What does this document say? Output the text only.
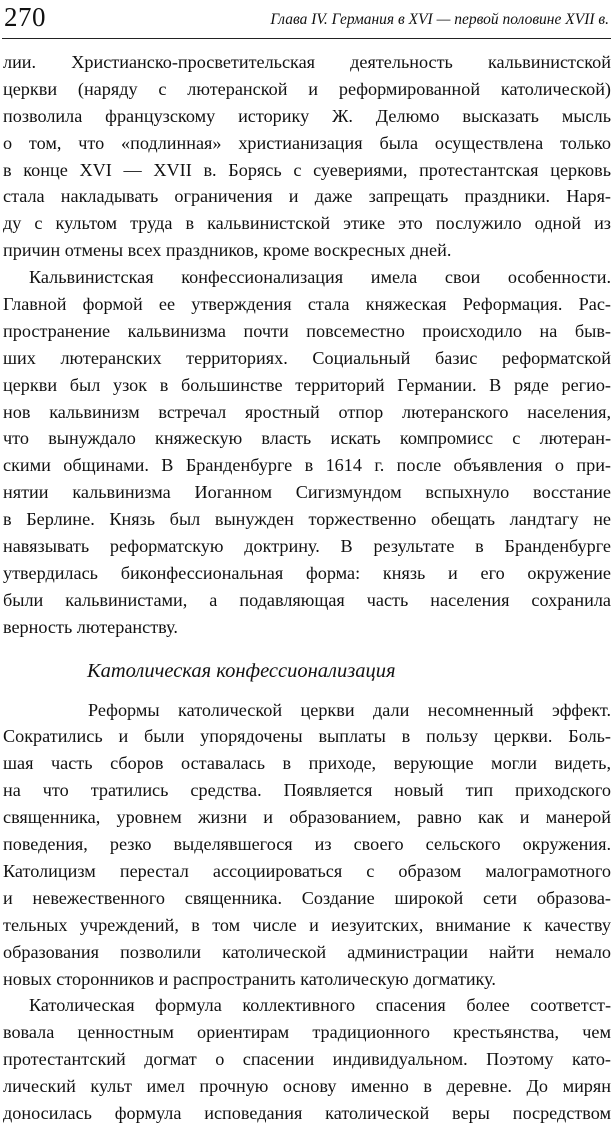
270	Глава IV. Германия в XVI — первой половине XVII в.
лии. Христианско-просветительская деятельность кальвинистской
церкви (наряду с лютеранской и реформированной католической)
позволила французскому историку Ж. Делюмо высказать мысль
о том, что «подлинная» христианизация была осуществлена только
в конце XVI — XVII в. Борясь с суевериями, протестантская церковь
стала накладывать ограничения и даже запрещать праздники. Наря-
ду с культом труда в кальвинистской этике это послужило одной из
причин отмены всех праздников, кроме воскресных дней.
Кальвинистская конфессионализация имела свои особенности.
Главной формой ее утверждения стала княжеская Реформация. Рас-
пространение кальвинизма почти повсеместно происходило на быв-
ших лютеранских территориях. Социальный базис реформатской
церкви был узок в большинстве территорий Германии. В ряде регио-
нов кальвинизм встречал яростный отпор лютеранского населения,
что вынуждало княжескую власть искать компромисс с лютеран-
скими общинами. В Бранденбурге в 1614 г. после объявления о при-
нятии кальвинизма Иоганном Сигизмундом вспыхнуло восстание
в Берлине. Князь был вынужден торжественно обещать ландтагу не
навязывать реформатскую доктрину. В результате в Бранденбурге
утвердилась биконфессиональная форма: князь и его окружение
были кальвинистами, а подавляющая часть населения сохранила
верность лютеранству.
Католическая конфессионализация
Реформы католической церкви дали несомненный эффект.
Сократились и были упорядочены выплаты в пользу церкви. Боль-
шая часть сборов оставалась в приходе, верующие могли видеть,
на что тратились средства. Появляется новый тип приходского
священника, уровнем жизни и образованием, равно как и манерой
поведения, резко выделявшегося из своего сельского окружения.
Католицизм перестал ассоциироваться с образом малограмотного
и невежественного священника. Создание широкой сети образова-
тельных учреждений, в том числе и иезуитских, внимание к качеству
образования позволили католической администрации найти немало
новых сторонников и распространить католическую догматику.
Католическая формула коллективного спасения более соответст-
вовала ценностным ориентирам традиционного крестьянства, чем
протестантский догмат о спасении индивидуальном. Поэтому като-
лический культ имел прочную основу именно в деревне. До мирян
доносилась формула исповедания католической веры посредством
